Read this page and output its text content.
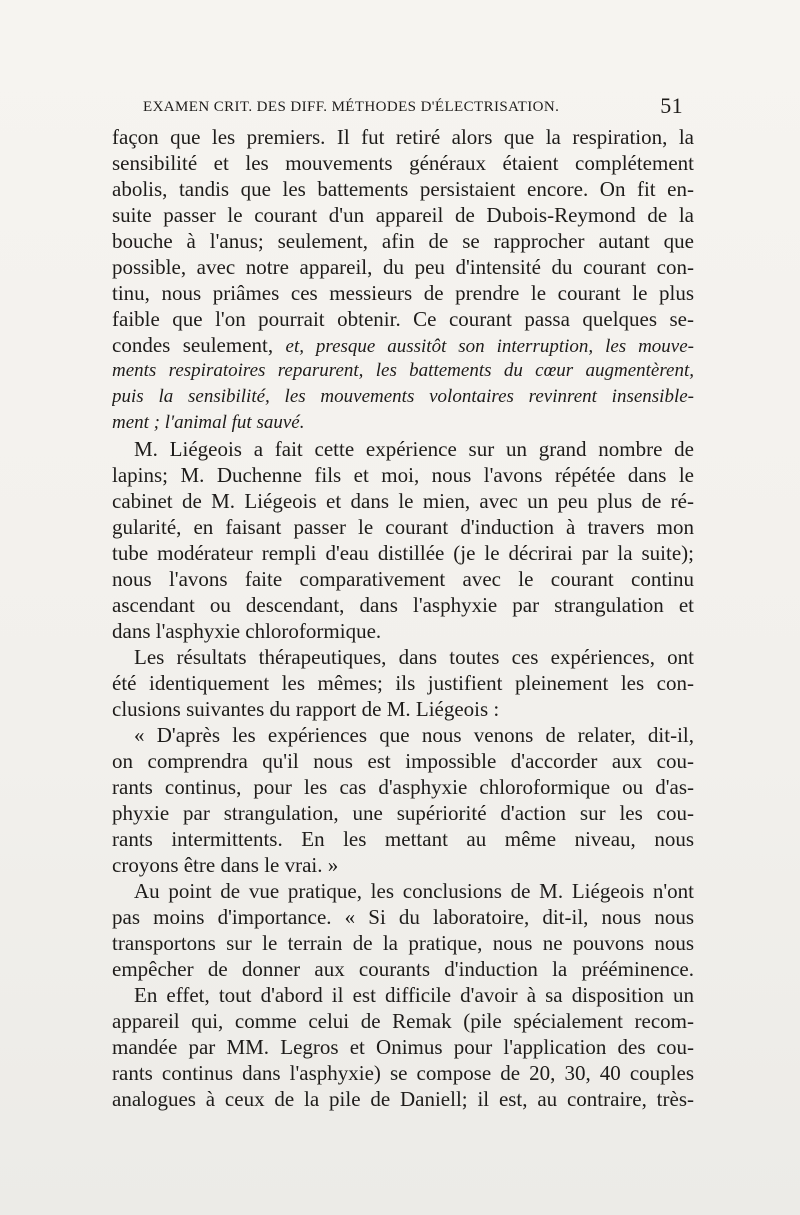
EXAMEN CRIT. DES DIFF. MÉTHODES D'ÉLECTRISATION.	51
façon que les premiers. Il fut retiré alors que la respiration, la
sensibilité et les mouvements généraux étaient complétement
abolis, tandis que les battements persistaient encore. On fit en-
suite passer le courant d'un appareil de Dubois-Reymond de la
bouche à l'anus; seulement, afin de se rapprocher autant que
possible, avec notre appareil, du peu d'intensité du courant con-
tinu, nous priâmes ces messieurs de prendre le courant le plus
faible que l'on pourrait obtenir. Ce courant passa quelques se-
condes seulement, et, presque aussitôt son interruption, les mouve-
ments respiratoires reparurent, les battements du cœur augmentèrent,
puis la sensibilité, les mouvements volontaires revinrent insensible-
ment ; l'animal fut sauvé.
M. Liégeois a fait cette expérience sur un grand nombre de
lapins; M. Duchenne fils et moi, nous l'avons répétée dans le
cabinet de M. Liégeois et dans le mien, avec un peu plus de ré-
gularité, en faisant passer le courant d'induction à travers mon
tube modérateur rempli d'eau distillée (je le décrirai par la suite);
nous l'avons faite comparativement avec le courant continu
ascendant ou descendant, dans l'asphyxie par strangulation et
dans l'asphyxie chloroformique.
Les résultats thérapeutiques, dans toutes ces expériences, ont
été identiquement les mêmes; ils justifient pleinement les con-
clusions suivantes du rapport de M. Liégeois :
« D'après les expériences que nous venons de relater, dit-il,
on comprendra qu'il nous est impossible d'accorder aux cou-
rants continus, pour les cas d'asphyxie chloroformique ou d'as-
phyxie par strangulation, une supériorité d'action sur les cou-
rants intermittents. En les mettant au même niveau, nous
croyons être dans le vrai. »
Au point de vue pratique, les conclusions de M. Liégeois n'ont
pas moins d'importance. « Si du laboratoire, dit-il, nous nous
transportons sur le terrain de la pratique, nous ne pouvons nous
empêcher de donner aux courants d'induction la prééminence.
En effet, tout d'abord il est difficile d'avoir à sa disposition un
appareil qui, comme celui de Remak (pile spécialement recom-
mandée par MM. Legros et Onimus pour l'application des cou-
rants continus dans l'asphyxie) se compose de 20, 30, 40 couples
analogues à ceux de la pile de Daniell; il est, au contraire, très-
